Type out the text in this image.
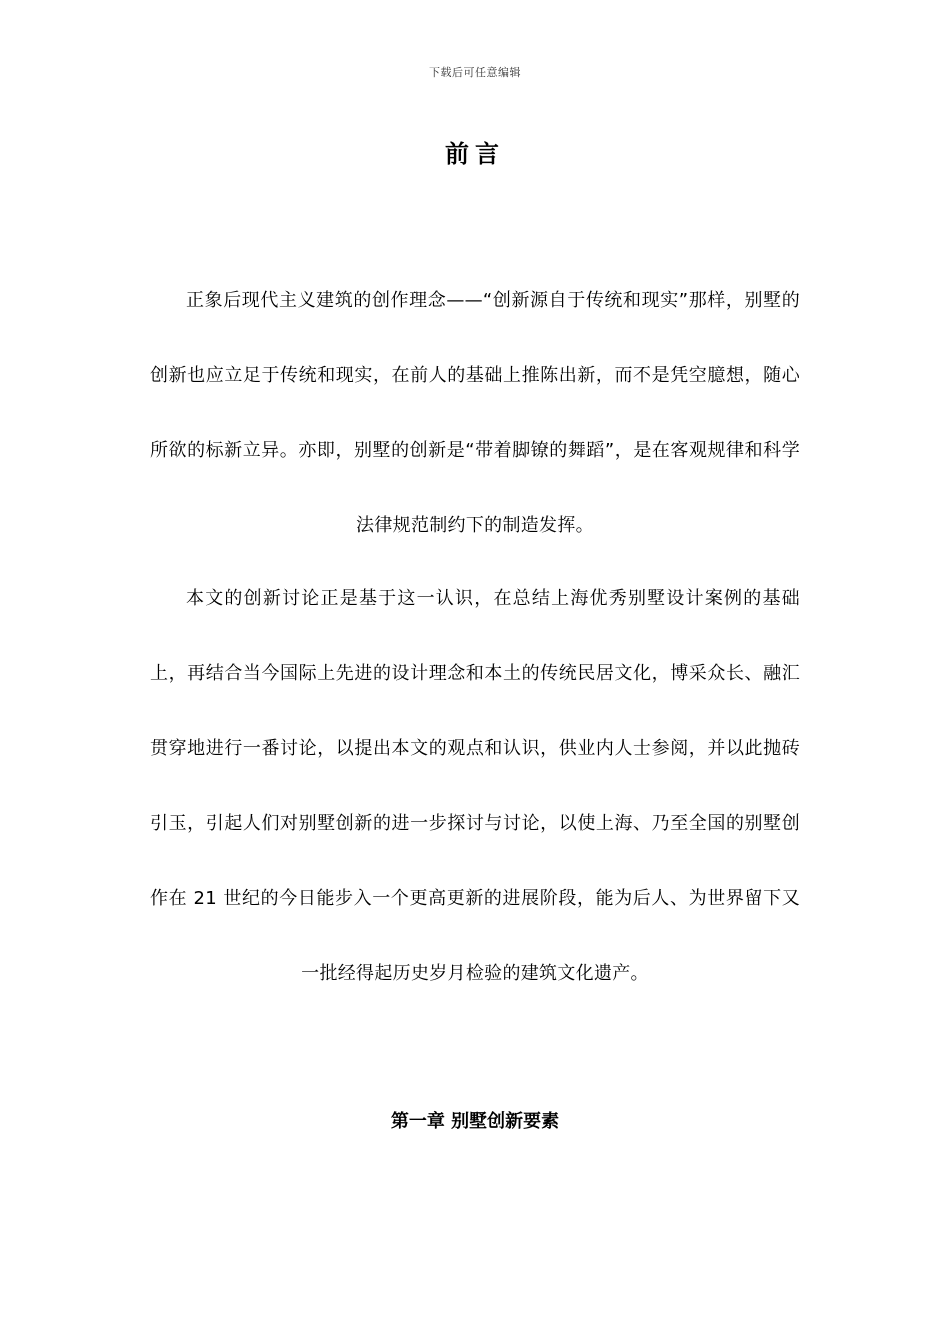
下载后可任意编辑
前言

正象后现代主义建筑的创作理念——“创新源自于传统和现实”那样，别墅的创新也应立足于传统和现实，在前人的基础上推陈出新，而不是凭空臆想，随心所欲的标新立异。亦即，别墅的创新是“带着脚镣的舞蹈”，是在客观规律和科学法律规范制约下的制造发挥。

本文的创新讨论正是基于这一认识，在总结上海优秀别墅设计案例的基础上，再结合当今国际上先进的设计理念和本土的传统民居文化，博采众长、融汇贯穿地进行一番讨论，以提出本文的观点和认识，供业内人士参阅，并以此抛砖引玉，引起人们对别墅创新的进一步探讨与讨论，以使上海、乃至全国的别墅创作在 21 世纪的今日能步入一个更高更新的进展阶段，能为后人、为世界留下又一批经得起历史岁月检验的建筑文化遗产。

第一章 别墅创新要素
